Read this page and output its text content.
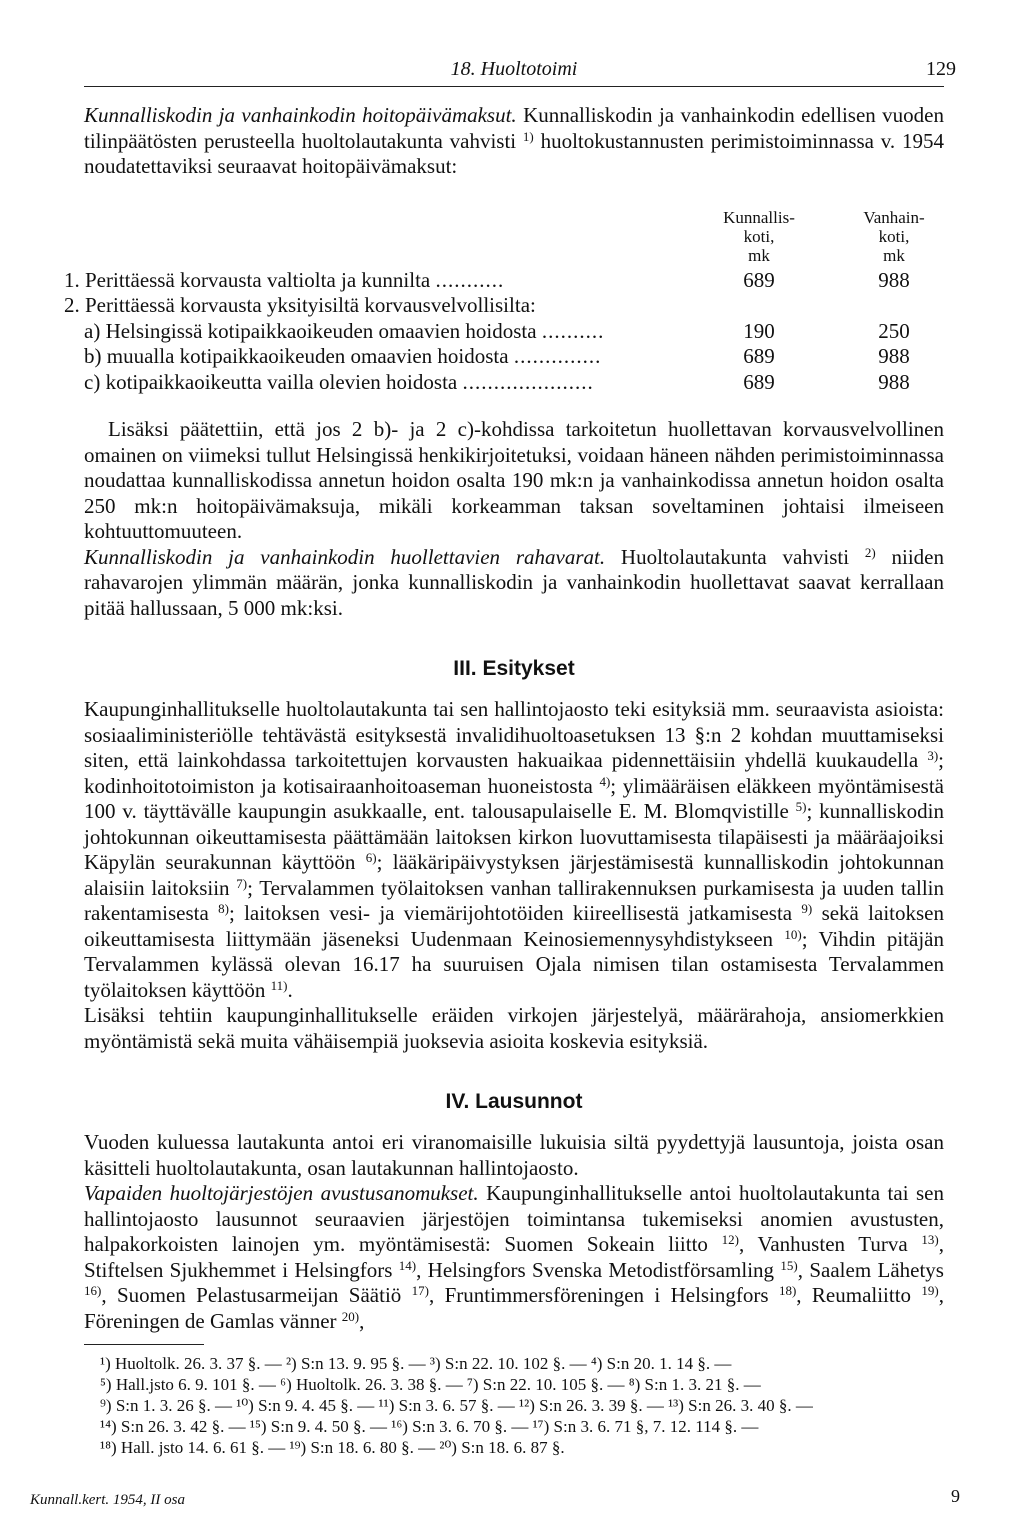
18. Huoltotoimi	129

Kunnalliskodin ja vanhainkodin hoitopäivämaksut. Kunnalliskodin ja vanhainkodin edellisen vuoden tilinpäätösten perusteella huoltolautakunta vahvisti $^{1)}$ huoltokustannusten perimistoiminnassa v. 1954 noudatettaviksi seuraavat hoitopäivämaksut:

Kunnallis-
koti,
mk
Vanhain-
koti,
mk
1. Perittäessä korvausta valtiolta ja kunnilta ...........	689	988
2. Perittäessä korvausta yksityisiltä korvausvelvollisilta:
a) Helsingissä kotipaikkaoikeuden omaavien hoidosta ..........	190	250
b) muualla kotipaikkaoikeuden omaavien hoidosta ..............	689	988
c) kotipaikkaoikeutta vailla olevien hoidosta .....................	689	988

Lisäksi päätettiin, että jos 2 b)- ja 2 c)-kohdissa tarkoitetun huollettavan korvausvelvollinen omainen on viimeksi tullut Helsingissä henkikirjoitetuksi, voidaan häneen nähden perimistoiminnassa noudattaa kunnalliskodissa annetun hoidon osalta 190 mk:n ja vanhainkodissa annetun hoidon osalta 250 mk:n hoitopäivämaksuja, mikäli korkeamman taksan soveltaminen johtaisi ilmeiseen kohtuuttomuuteen.

Kunnalliskodin ja vanhainkodin huollettavien rahavarat. Huoltolautakunta vahvisti $^{2)}$ niiden rahavarojen ylimmän määrän, jonka kunnalliskodin ja vanhainkodin huollettavat saavat kerrallaan pitää hallussaan, 5 000 mk:ksi.

III. Esitykset

Kaupunginhallitukselle huoltolautakunta tai sen hallintojaosto teki esityksiä mm. seuraavista asioista: sosiaaliministeriölle tehtävästä esityksestä invalidihuoltoasetuksen 13 §:n 2 kohdan muuttamiseksi siten, että lainkohdassa tarkoitettujen korvausten hakuaikaa pidennettäisiin yhdellä kuukaudella $^{3)}$; kodinhoitotoimiston ja kotisairaanhoitoaseman huoneistosta $^{4)}$; ylimääräisen eläkkeen myöntämisestä 100 v. täyttävälle kaupungin asukkaalle, ent. talousapulaiselle E. M. Blomqvistille $^{5)}$; kunnalliskodin johtokunnan oikeuttamisesta päättämään laitoksen kirkon luovuttamisesta tilapäisesti ja määräajoiksi Käpylän seurakunnan käyttöön $^{6)}$; lääkäripäivystyksen järjestämisestä kunnalliskodin johtokunnan alaisiin laitoksiin $^{7)}$; Tervalammen työlaitoksen vanhan tallirakennuksen purkamisesta ja uuden tallin rakentamisesta $^{8)}$; laitoksen vesi- ja viemärijohtotöiden kiireellisestä jatkamisesta $^{9)}$ sekä laitoksen oikeuttamisesta liittymään jäseneksi Uudenmaan Keinosiemennysyhdistykseen $^{10)}$; Vihdin pitäjän Tervalammen kylässä olevan 16.17 ha suuruisen Ojala nimisen tilan ostamisesta Tervalammen työlaitoksen käyttöön $^{11)}$.

Lisäksi tehtiin kaupunginhallitukselle eräiden virkojen järjestelyä, määrärahoja, ansiomerkkien myöntämistä sekä muita vähäisempiä juoksevia asioita koskevia esityksiä.

IV. Lausunnot

Vuoden kuluessa lautakunta antoi eri viranomaisille lukuisia siltä pyydettyjä lausuntoja, joista osan käsitteli huoltolautakunta, osan lautakunnan hallintojaosto.

Vapaiden huoltojärjestöjen avustusanomukset. Kaupunginhallitukselle antoi huoltolautakunta tai sen hallintojaosto lausunnot seuraavien järjestöjen toimintansa tukemiseksi anomien avustusten, halpakorkoisten lainojen ym. myöntämisestä: Suomen Sokeain liitto $^{12)}$, Vanhusten Turva $^{13)}$, Stiftelsen Sjukhemmet i Helsingfors $^{14)}$, Helsingfors Svenska Metodistförsamling $^{15)}$, Saalem Lähetys $^{16)}$, Suomen Pelastusarmeijan Säätiö $^{17)}$, Fruntimmersföreningen i Helsingfors $^{18)}$, Reumaliitto $^{19)}$, Föreningen de Gamlas vänner $^{20)}$,

¹) Huoltolk. 26. 3. 37 §. — ²) S:n 13. 9. 95 §. — ³) S:n 22. 10. 102 §. — ⁴) S:n 20. 1. 14 §. —

⁵) Hall.jsto 6. 9. 101 §. — ⁶) Huoltolk. 26. 3. 38 §. — ⁷) S:n 22. 10. 105 §. — ⁸) S:n 1. 3. 21 §. —

⁹) S:n 1. 3. 26 §. — ¹⁰) S:n 9. 4. 45 §. — ¹¹) S:n 3. 6. 57 §. — ¹²) S:n 26. 3. 39 §. — ¹³) S:n 26. 3. 40 §. —

¹⁴) S:n 26. 3. 42 §. — ¹⁵) S:n 9. 4. 50 §. — ¹⁶) S:n 3. 6. 70 §. — ¹⁷) S:n 3. 6. 71 §, 7. 12. 114 §. —

¹⁸) Hall. jsto 14. 6. 61 §. — ¹⁹) S:n 18. 6. 80 §. — ²⁰) S:n 18. 6. 87 §.

Kunnall.kert. 1954, II osa	9
